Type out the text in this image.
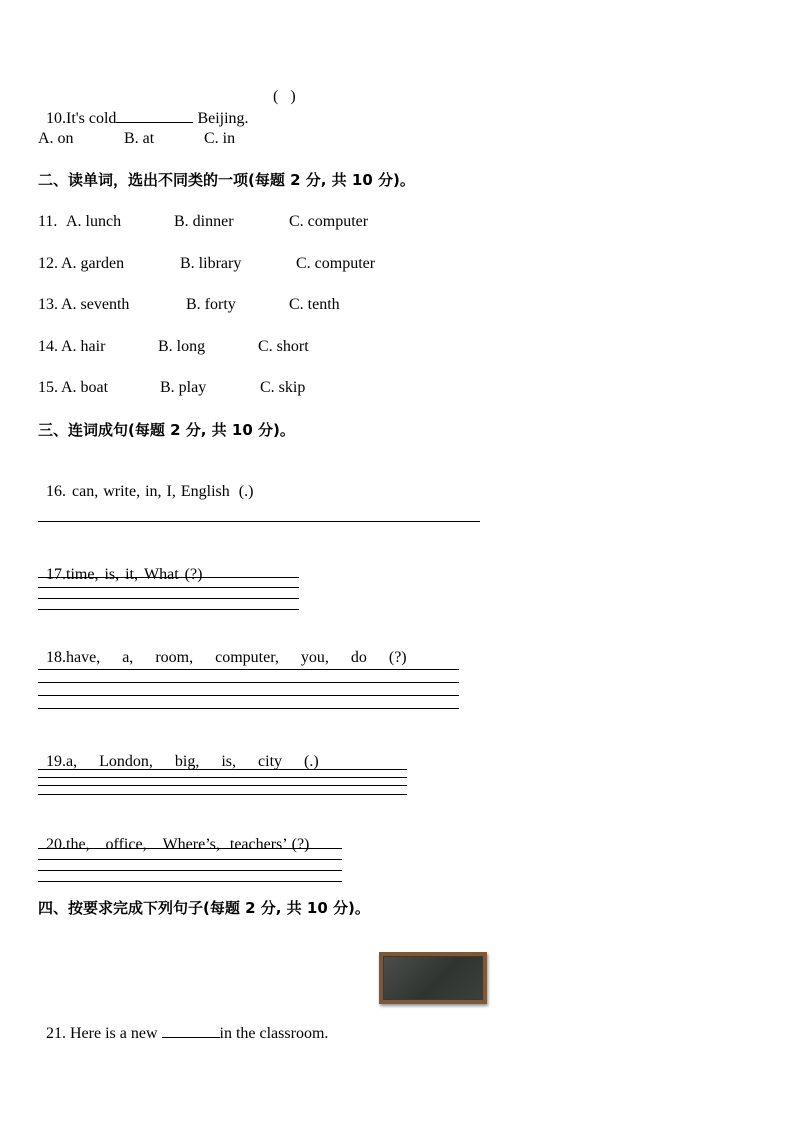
10.It's cold	Beijing.

(   )
A. on	B. at	C. in
二、读单词，选出不同类的一项(每题 2 分, 共 10 分)。
11. A. lunch	B. dinner	C. computer
12. A. garden	B. library	C. computer
13. A. seventh	B. forty	C. tenth
14. A. hair	B. long	C. short
15. A. boat	B. play	C. skip
三、连词成句(每题 2 分, 共 10 分)。

16. can, write, in, I, English (.)

17.time, is, it, What (?)

18.have, a, room, computer, you, do (?)

19.a, London, big, is, city (.)

20.the, office, Where’s, teachers’ (?)

四、按要求完成下列句子(每题 2 分, 共 10 分)。

21. Here is a new	in the classroom.
